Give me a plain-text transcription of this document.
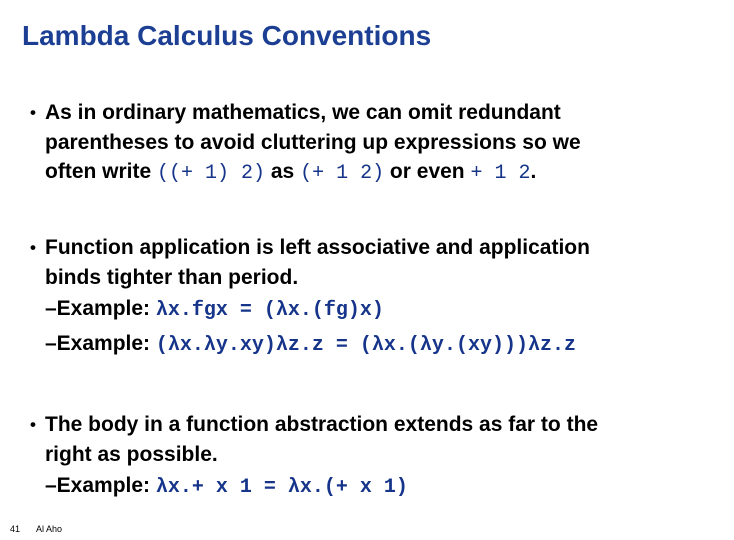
Lambda Calculus Conventions
• As in ordinary mathematics, we can omit redundant
parentheses to avoid cluttering up expressions so we
often write ((+ 1) 2) as (+ 1 2) or even + 1 2.
• Function application is left associative and application
binds tighter than period.
–Example: λx.fgx = (λx.(fg)x)
–Example: (λx.λy.xy)λz.z = (λx.(λy.(xy)))λz.z
• The body in a function abstraction extends as far to the
right as possible.
–Example: λx.+ x 1 = λx.(+ x 1)
41 Al Aho
